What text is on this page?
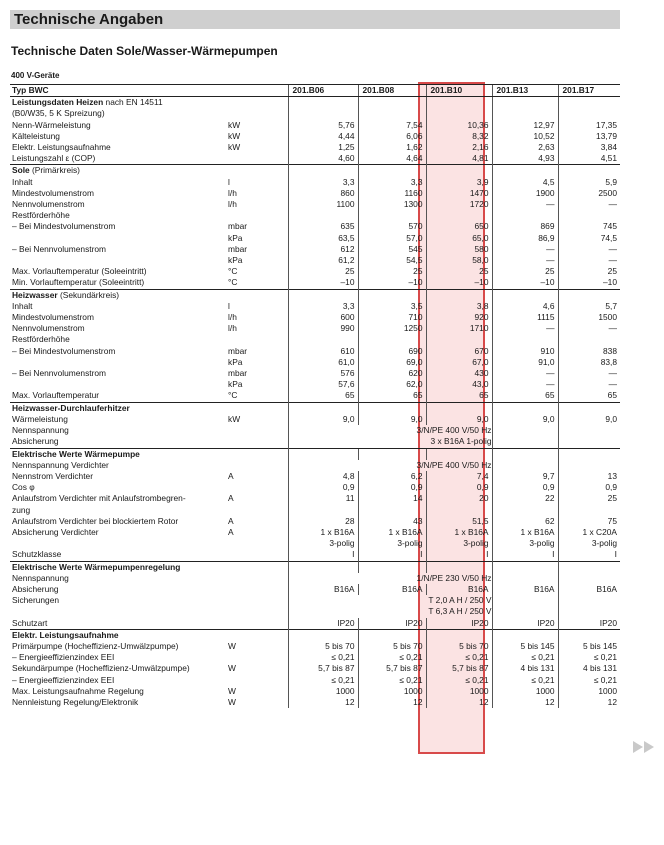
Technische Angaben
Technische Daten Sole/Wasser-Wärmepumpen
400 V-Geräte
Typ BWC		201.B06	201.B08	201.B10	201.B13	201.B17
Leistungsdaten Heizen nach EN 14511						
(B0/W35, 5 K Spreizung)						
Nenn-Wärmeleistung	kW	5,76	7,54	10,36	12,97	17,35
Kälteleistung	kW	4,44	6,06	8,32	10,52	13,79
Elektr. Leistungsaufnahme	kW	1,25	1,62	2,16	2,63	3,84
Leistungszahl ε (COP)		4,60	4,64	4,81	4,93	4,51
Sole (Primärkreis)						
Inhalt	l	3,3	3,3	3,9	4,5	5,9
Mindestvolumenstrom	l/h	860	1160	1470	1900	2500
Nennvolumenstrom	l/h	1100	1300	1720	—	—
Restförderhöhe						
– Bei Mindestvolumenstrom	mbar	635	570	650	869	745
	kPa	63,5	57,0	65,0	86,9	74,5
– Bei Nennvolumenstrom	mbar	612	545	580	—	—
	kPa	61,2	54,5	58,0	—	—
Max. Vorlauftemperatur (Soleeintritt)	°C	25	25	25	25	25
Min. Vorlauftemperatur (Soleeintritt)	°C	–10	–10	–10	–10	–10
Heizwasser (Sekundärkreis)						
Inhalt	l	3,3	3,5	3,8	4,6	5,7
Mindestvolumenstrom	l/h	600	710	920	1115	1500
Nennvolumenstrom	l/h	990	1250	1710	—	—
Restförderhöhe						
– Bei Mindestvolumenstrom	mbar	610	690	670	910	838
	kPa	61,0	69,0	67,0	91,0	83,8
– Bei Nennvolumenstrom	mbar	576	620	430	—	—
	kPa	57,6	62,0	43,0	—	—
Max. Vorlauftemperatur	°C	65	65	65	65	65
Heizwasser-Durchlauferhitzer						
Wärmeleistung	kW	9,0	9,0	9,0	9,0	9,0
Nennspannung		3/N/PE 400 V/50 Hz				
Absicherung		3 x B16A 1-polig				
Elektrische Werte Wärmepumpe						
Nennspannung Verdichter		3/N/PE 400 V/50 Hz				
Nennstrom Verdichter	A	4,8	6,2	7,4	9,7	13
Cos φ		0,9	0,9	0,9	0,9	0,9
Anlaufstrom Verdichter mit Anlaufstrombegren-	A	11	14	20	22	25
zung						
Anlaufstrom Verdichter bei blockiertem Rotor	A	28	43	51,5	62	75
Absicherung Verdichter	A	1 x B16A	1 x B16A	1 x B16A	1 x B16A	1 x C20A
		3-polig	3-polig	3-polig	3-polig	3-polig
Schutzklasse		I	I	I	I	I
Elektrische Werte Wärmepumpenregelung						
Nennspannung		1/N/PE 230 V/50 Hz				
Absicherung		B16A	B16A	B16A	B16A	B16A
Sicherungen		T 2,0 A H / 250 V				
		T 6,3 A H / 250 V				
Schutzart		IP20	IP20	IP20	IP20	IP20
Elektr. Leistungsaufnahme						
Primärpumpe (Hocheffizienz-Umwälzpumpe)	W	5 bis 70	5 bis 70	5 bis 70	5 bis 145	5 bis 145
– Energieeffizienzindex EEI		≤ 0,21	≤ 0,21	≤ 0,21	≤ 0,21	≤ 0,21
Sekundärpumpe (Hocheffizienz-Umwälzpumpe)	W	5,7 bis 87	5,7 bis 87	5,7 bis 87	4 bis 131	4 bis 131
– Energieeffizienzindex EEI		≤ 0,21	≤ 0,21	≤ 0,21	≤ 0,21	≤ 0,21
Max. Leistungsaufnahme Regelung	W	1000	1000	1000	1000	1000
Nennleistung Regelung/Elektronik	W	12	12	12	12	12
